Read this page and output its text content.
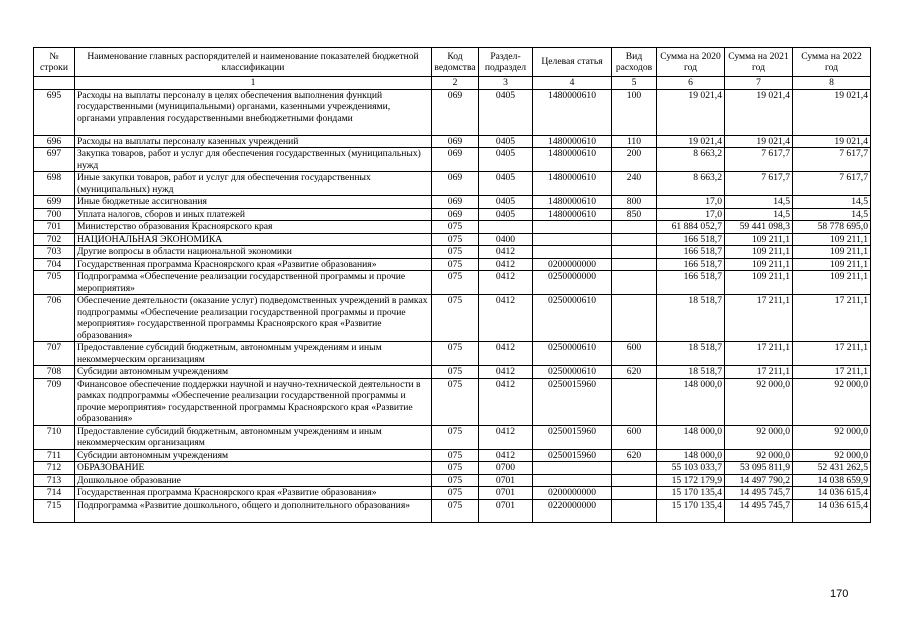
№ строки	Наименование главных распорядителей и наименование показателей бюджетной классификации	Код ведомства	Раздел-подраздел	Целевая статья	Вид расходов	Сумма на 2020 год	Сумма на 2021 год	Сумма на 2022 год
	1	2	3	4	5	6	7	8
695	Расходы на выплаты персоналу в целях обеспечения выполнения функций государственными (муниципальными) органами, казенными учреждениями, органами управления государственными внебюджетными фондами	069	0405	1480000610	100	19 021,4	19 021,4	19 021,4
696	Расходы на выплаты персоналу казенных учреждений	069	0405	1480000610	110	19 021,4	19 021,4	19 021,4
697	Закупка товаров, работ и услуг для обеспечения государственных (муниципальных) нужд	069	0405	1480000610	200	8 663,2	7 617,7	7 617,7
698	Иные закупки товаров, работ и услуг для обеспечения государственных (муниципальных) нужд	069	0405	1480000610	240	8 663,2	7 617,7	7 617,7
699	Иные бюджетные ассигнования	069	0405	1480000610	800	17,0	14,5	14,5
700	Уплата налогов, сборов и иных платежей	069	0405	1480000610	850	17,0	14,5	14,5
701	Министерство образования Красноярского края	075				61 884 052,7	59 441 098,3	58 778 695,0
702	НАЦИОНАЛЬНАЯ ЭКОНОМИКА	075	0400			166 518,7	109 211,1	109 211,1
703	Другие вопросы в области национальной экономики	075	0412			166 518,7	109 211,1	109 211,1
704	Государственная программа Красноярского края «Развитие образования»	075	0412	0200000000		166 518,7	109 211,1	109 211,1
705	Подпрограмма «Обеспечение реализации государственной программы и прочие мероприятия»	075	0412	0250000000		166 518,7	109 211,1	109 211,1
706	Обеспечение деятельности (оказание услуг) подведомственных учреждений в рамках подпрограммы «Обеспечение реализации государственной программы и прочие мероприятия» государственной программы Красноярского края «Развитие образования»	075	0412	0250000610		18 518,7	17 211,1	17 211,1
707	Предоставление субсидий бюджетным, автономным учреждениям и иным некоммерческим организациям	075	0412	0250000610	600	18 518,7	17 211,1	17 211,1
708	Субсидии автономным учреждениям	075	0412	0250000610	620	18 518,7	17 211,1	17 211,1
709	Финансовое обеспечение поддержки научной и научно-технической деятельности в рамках подпрограммы «Обеспечение реализации государственной программы и прочие мероприятия» государственной программы Красноярского края «Развитие образования»	075	0412	0250015960		148 000,0	92 000,0	92 000,0
710	Предоставление субсидий бюджетным, автономным учреждениям и иным некоммерческим организациям	075	0412	0250015960	600	148 000,0	92 000,0	92 000,0
711	Субсидии автономным учреждениям	075	0412	0250015960	620	148 000,0	92 000,0	92 000,0
712	ОБРАЗОВАНИЕ	075	0700			55 103 033,7	53 095 811,9	52 431 262,5
713	Дошкольное образование	075	0701			15 172 179,9	14 497 790,2	14 038 659,9
714	Государственная программа Красноярского края «Развитие образования»	075	0701	0200000000		15 170 135,4	14 495 745,7	14 036 615,4
715	Подпрограмма «Развитие дошкольного, общего и дополнительного образования»	075	0701	0220000000		15 170 135,4	14 495 745,7	14 036 615,4
170
